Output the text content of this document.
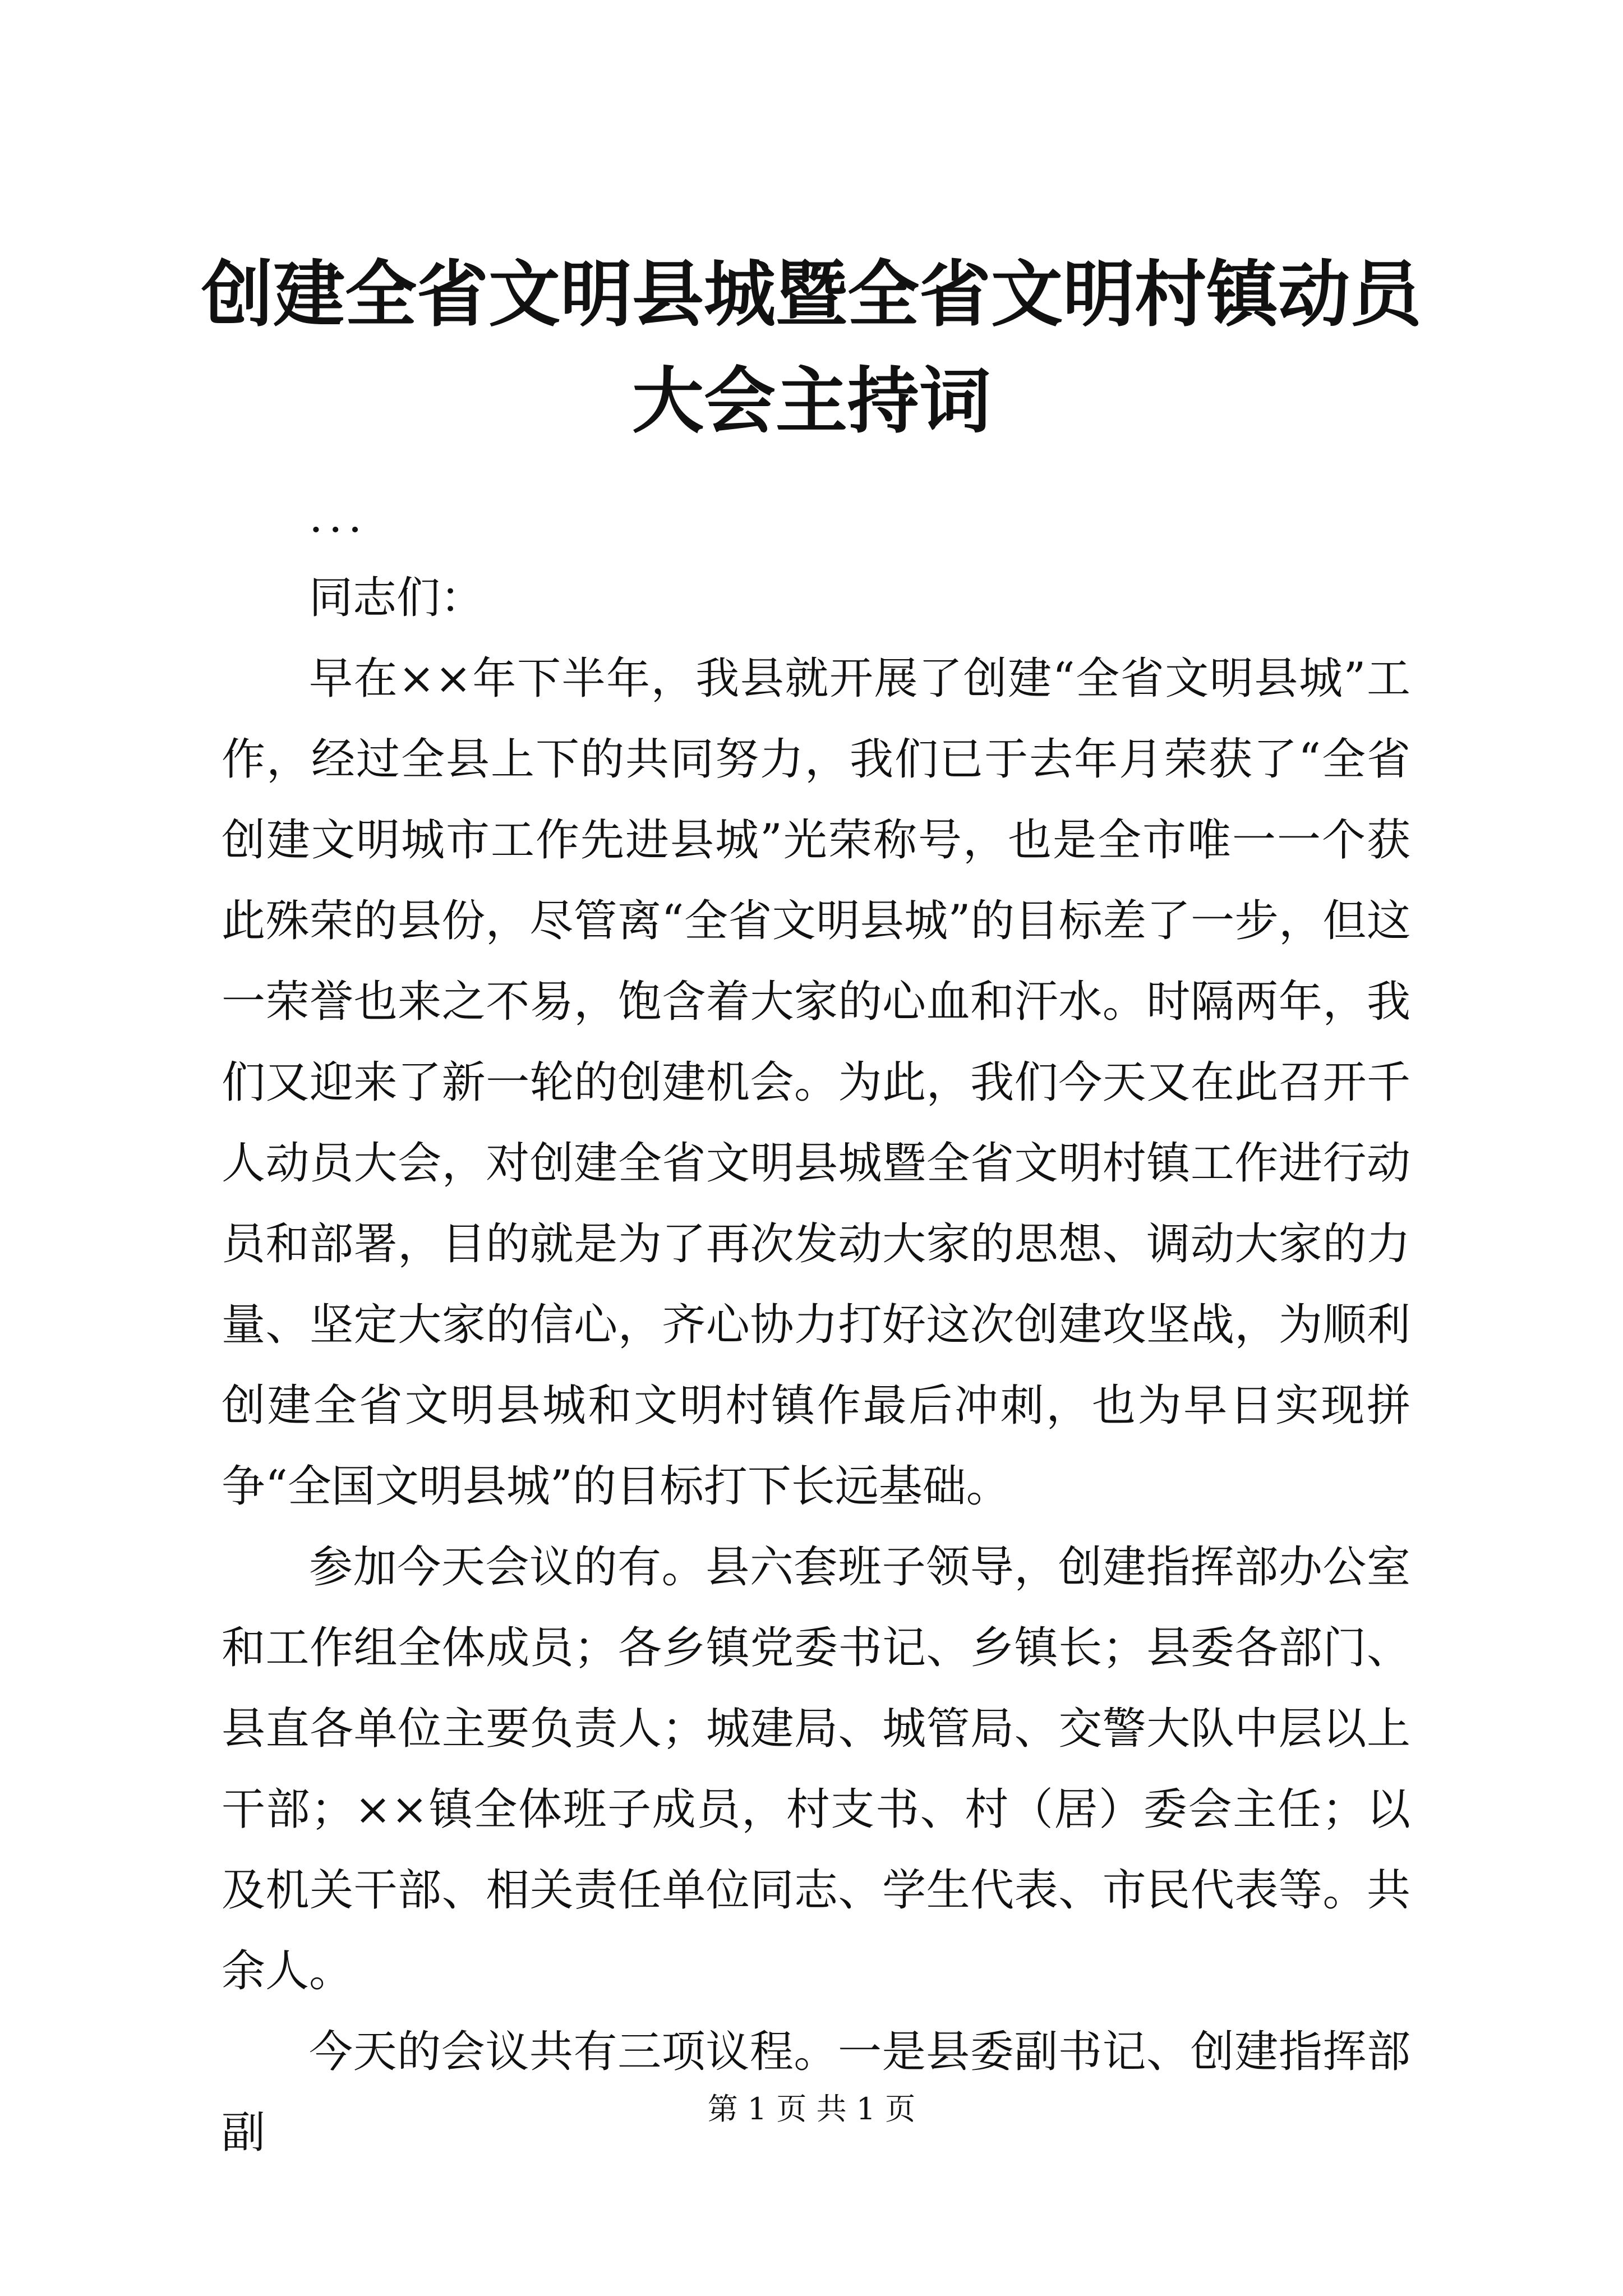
创建全省文明县城暨全省文明村镇动员大会主持词

...

同志们：

早在××年下半年，我县就开展了创建“全省文明县城”工作，经过全县上下的共同努力，我们已于去年月荣获了“全省创建文明城市工作先进县城”光荣称号，也是全市唯一一个获此殊荣的县份，尽管离“全省文明县城”的目标差了一步，但这一荣誉也来之不易，饱含着大家的心血和汗水。时隔两年，我们又迎来了新一轮的创建机会。为此，我们今天又在此召开千人动员大会，对创建全省文明县城暨全省文明村镇工作进行动员和部署，目的就是为了再次发动大家的思想、调动大家的力量、坚定大家的信心，齐心协力打好这次创建攻坚战，为顺利创建全省文明县城和文明村镇作最后冲刺，也为早日实现拼争“全国文明县城”的目标打下长远基础。

参加今天会议的有。县六套班子领导，创建指挥部办公室和工作组全体成员；各乡镇党委书记、乡镇长；县委各部门、县直各单位主要负责人；城建局、城管局、交警大队中层以上干部；××镇全体班子成员，村支书、村（居）委会主任；以及机关干部、相关责任单位同志、学生代表、市民代表等。共余人。

今天的会议共有三项议程。一是县委副书记、创建指挥部副	第 1 页 共 1 页
